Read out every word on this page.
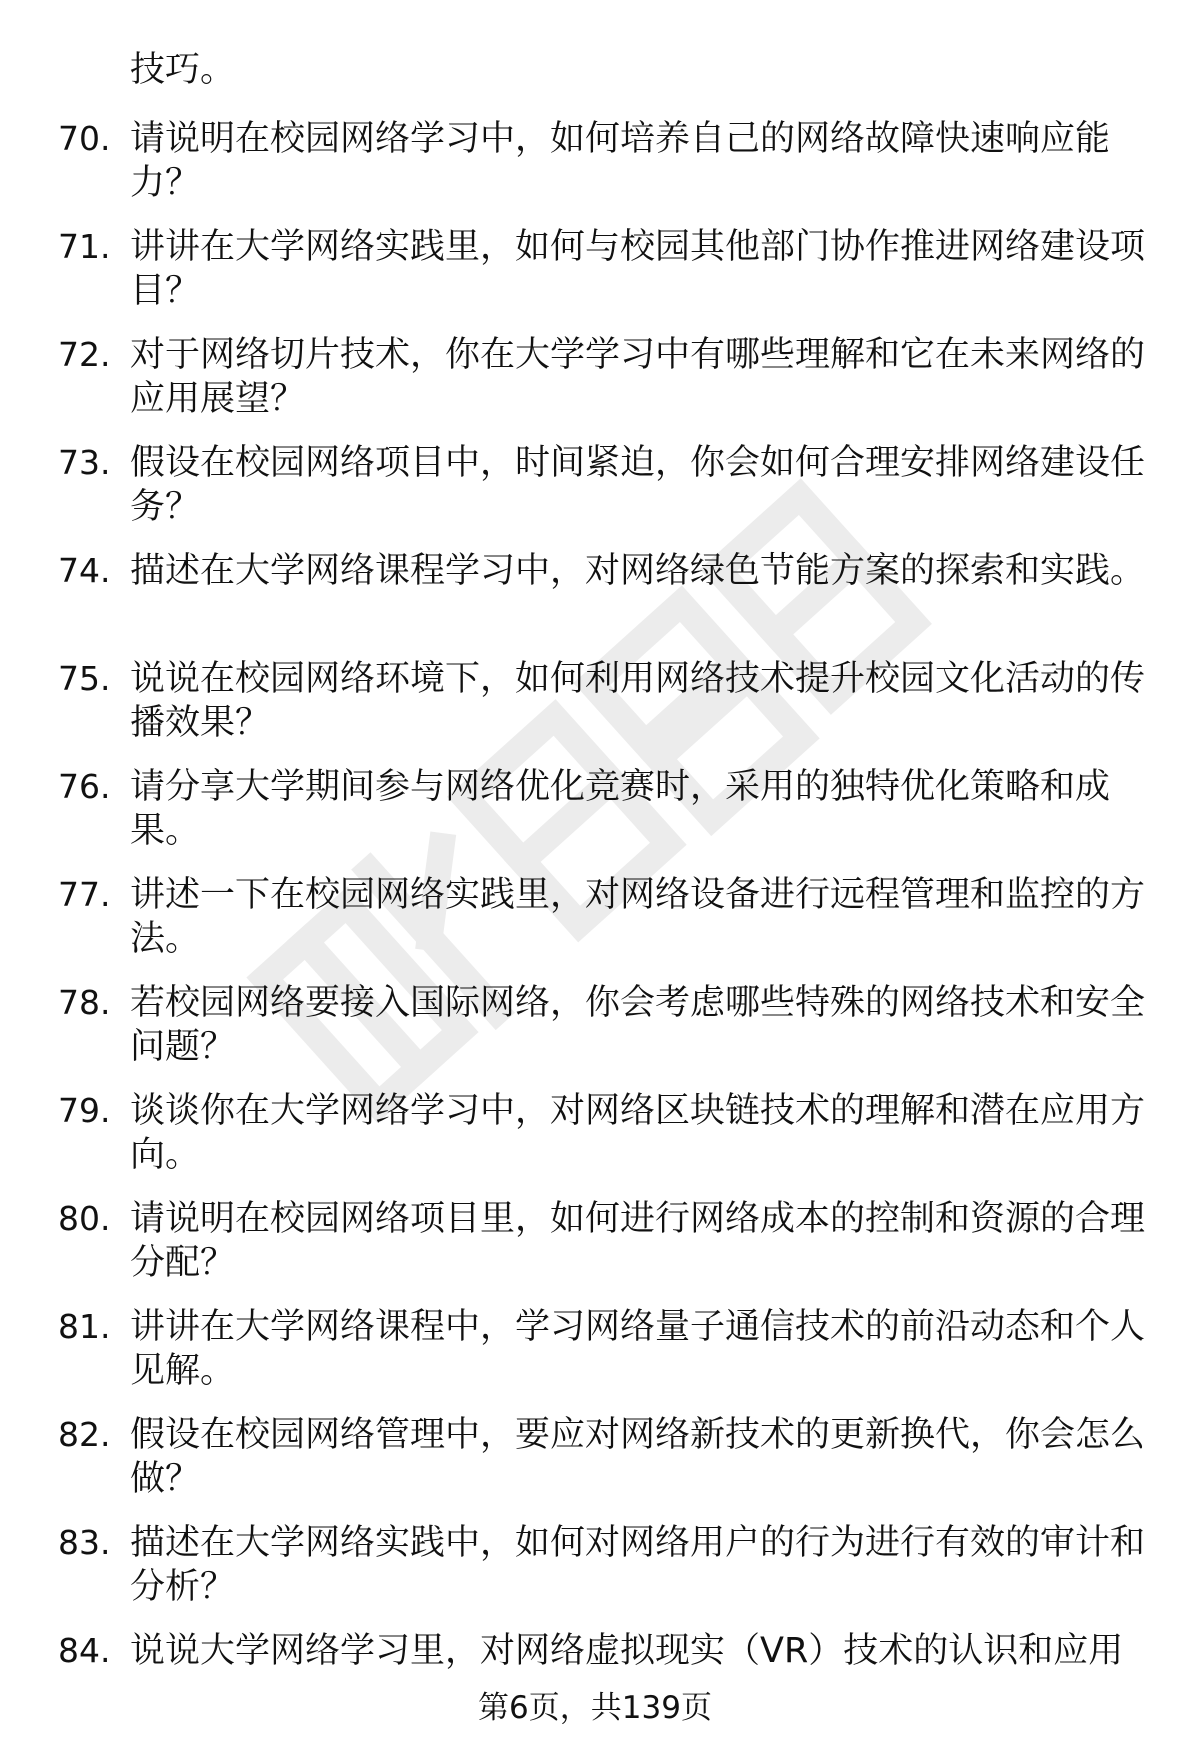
技巧。
70. 请说明在校园网络学习中，如何培养自己的网络故障快速响应能力？
71. 讲讲在大学网络实践里，如何与校园其他部门协作推进网络建设项目？
72. 对于网络切片技术，你在大学学习中有哪些理解和它在未来网络的应用展望？
73. 假设在校园网络项目中，时间紧迫，你会如何合理安排网络建设任务？
74. 描述在大学网络课程学习中，对网络绿色节能方案的探索和实践。
75. 说说在校园网络环境下，如何利用网络技术提升校园文化活动的传播效果？
76. 请分享大学期间参与网络优化竞赛时，采用的独特优化策略和成果。
77. 讲述一下在校园网络实践里，对网络设备进行远程管理和监控的方法。
78. 若校园网络要接入国际网络，你会考虑哪些特殊的网络技术和安全问题？
79. 谈谈你在大学网络学习中，对网络区块链技术的理解和潜在应用方向。
80. 请说明在校园网络项目里，如何进行网络成本的控制和资源的合理分配？
81. 讲讲在大学网络课程中，学习网络量子通信技术的前沿动态和个人见解。
82. 假设在校园网络管理中，要应对网络新技术的更新换代，你会怎么做？
83. 描述在大学网络实践中，如何对网络用户的行为进行有效的审计和分析？
84. 说说大学网络学习里，对网络虚拟现实（VR）技术的认识和应用
第6页，共139页
